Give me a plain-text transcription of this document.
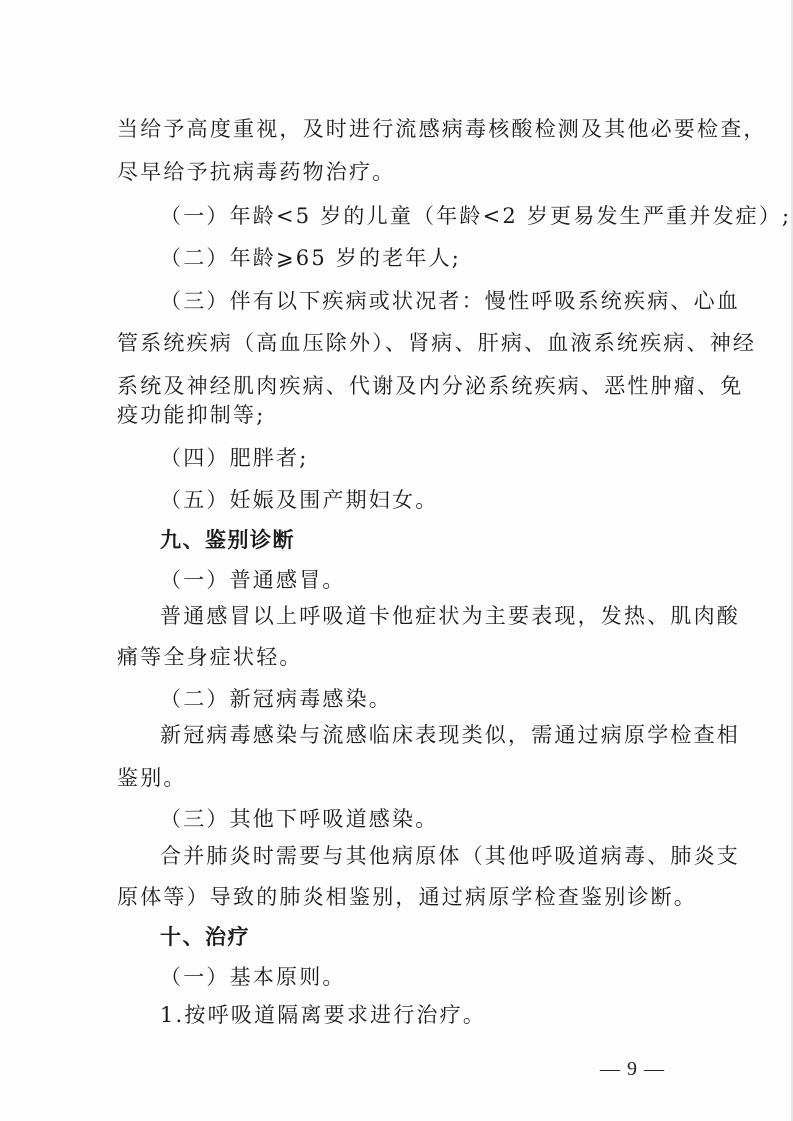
当给予高度重视，及时进行流感病毒核酸检测及其他必要检查，
尽早给予抗病毒药物治疗。
（一）年龄<5 岁的儿童（年龄<2 岁更易发生严重并发症）;
（二）年龄⩾65 岁的老年人;
（三）伴有以下疾病或状况者：慢性呼吸系统疾病、心血
管系统疾病（高血压除外）、肾病、肝病、血液系统疾病、神经
系统及神经肌肉疾病、代谢及内分泌系统疾病、恶性肿瘤、免
疫功能抑制等;
（四）肥胖者;
（五）妊娠及围产期妇女。
九、鉴别诊断
（一）普通感冒。
普通感冒以上呼吸道卡他症状为主要表现，发热、肌肉酸
痛等全身症状轻。
（二）新冠病毒感染。
新冠病毒感染与流感临床表现类似，需通过病原学检查相
鉴别。
（三）其他下呼吸道感染。
合并肺炎时需要与其他病原体（其他呼吸道病毒、肺炎支
原体等）导致的肺炎相鉴别，通过病原学检查鉴别诊断。
十、治疗
（一）基本原则。
1.按呼吸道隔离要求进行治疗。
— 9 —
